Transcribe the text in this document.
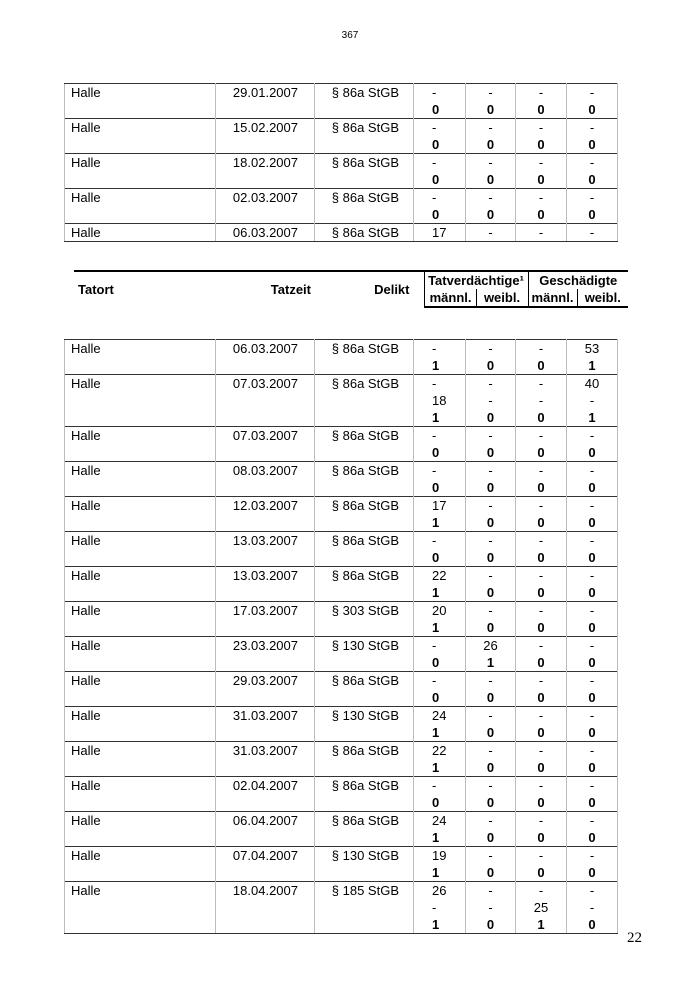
367
Halle	29.01.2007	§ 86a StGB	-	-	-	-
			0	0	0	0
Halle	15.02.2007	§ 86a StGB	-	-	-	-
			0	0	0	0
Halle	18.02.2007	§ 86a StGB	-	-	-	-
			0	0	0	0
Halle	02.03.2007	§ 86a StGB	-	-	-	-
			0	0	0	0
Halle	06.03.2007	§ 86a StGB	17	-	-	-
Tatort	Tatzeit	Delikt	Tatverdächtige¹		Geschädigte	
			männl.	weibl.	männl.	weibl.
Halle	06.03.2007	§ 86a StGB	-	-	-	53
			1	0	0	1
Halle	07.03.2007	§ 86a StGB	-	-	-	40
			18	-	-	-
			1	0	0	1
Halle	07.03.2007	§ 86a StGB	-	-	-	-
			0	0	0	0
Halle	08.03.2007	§ 86a StGB	-	-	-	-
			0	0	0	0
Halle	12.03.2007	§ 86a StGB	17	-	-	-
			1	0	0	0
Halle	13.03.2007	§ 86a StGB	-	-	-	-
			0	0	0	0
Halle	13.03.2007	§ 86a StGB	22	-	-	-
			1	0	0	0
Halle	17.03.2007	§ 303 StGB	20	-	-	-
			1	0	0	0
Halle	23.03.2007	§ 130 StGB	-	26	-	-
			0	1	0	0
Halle	29.03.2007	§ 86a StGB	-	-	-	-
			0	0	0	0
Halle	31.03.2007	§ 130 StGB	24	-	-	-
			1	0	0	0
Halle	31.03.2007	§ 86a StGB	22	-	-	-
			1	0	0	0
Halle	02.04.2007	§ 86a StGB	-	-	-	-
			0	0	0	0
Halle	06.04.2007	§ 86a StGB	24	-	-	-
			1	0	0	0
Halle	07.04.2007	§ 130 StGB	19	-	-	-
			1	0	0	0
Halle	18.04.2007	§ 185 StGB	26	-	-	-
			-	-	25	-
			1	0	1	0
22
